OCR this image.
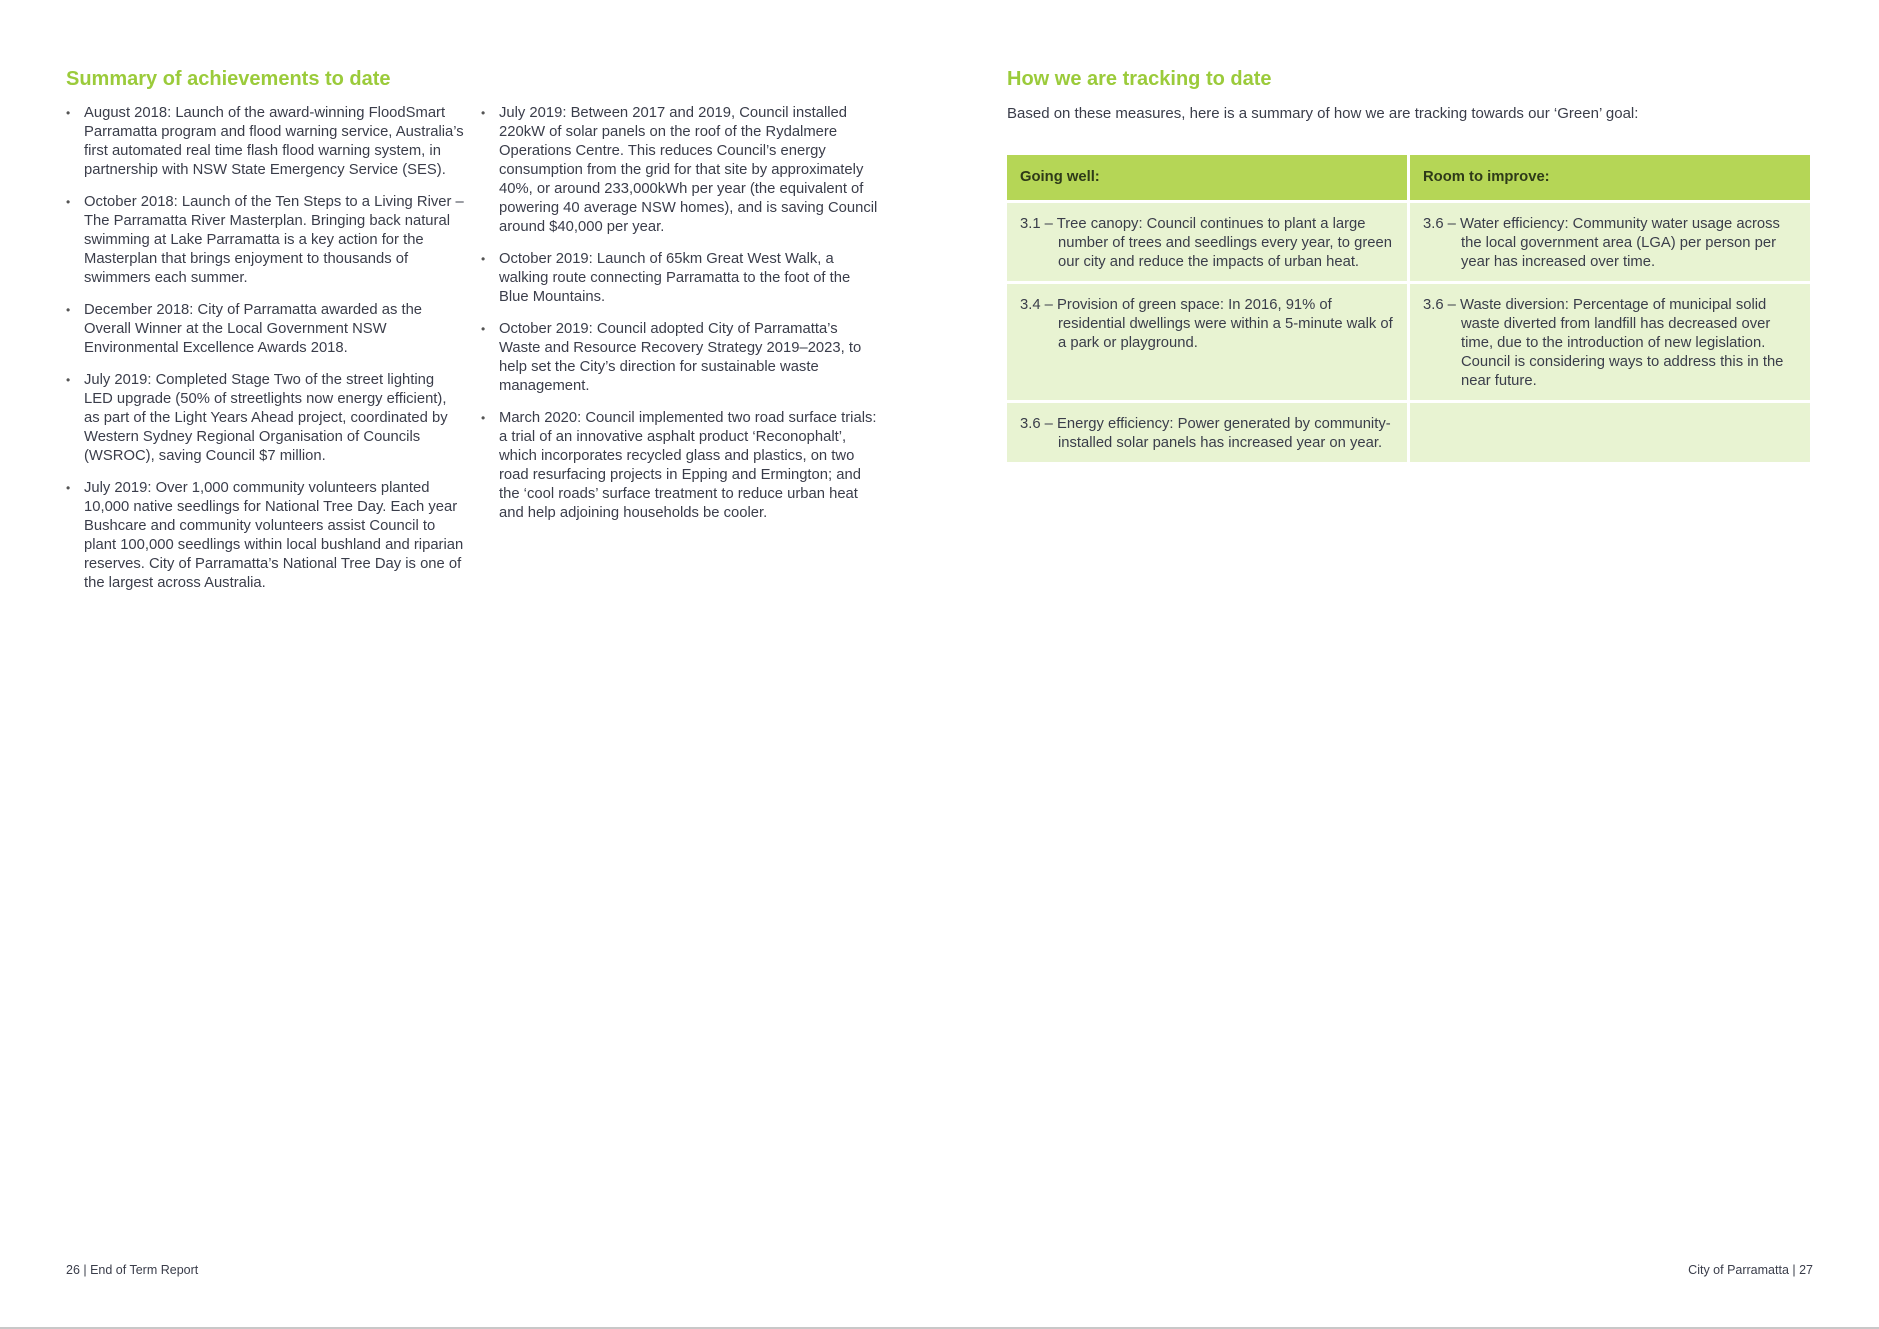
Summary of achievements to date
• August 2018: Launch of the award-winning FloodSmart Parramatta program and flood warning service, Australia’s first automated real time flash flood warning system, in partnership with NSW State Emergency Service (SES).
• October 2018: Launch of the Ten Steps to a Living River – The Parramatta River Masterplan. Bringing back natural swimming at Lake Parramatta is a key action for the Masterplan that brings enjoyment to thousands of swimmers each summer.
• December 2018: City of Parramatta awarded as the Overall Winner at the Local Government NSW Environmental Excellence Awards 2018.
• July 2019: Completed Stage Two of the street lighting LED upgrade (50% of streetlights now energy efficient), as part of the Light Years Ahead project, coordinated by Western Sydney Regional Organisation of Councils (WSROC), saving Council $7 million.
• July 2019: Over 1,000 community volunteers planted 10,000 native seedlings for National Tree Day. Each year Bushcare and community volunteers assist Council to plant 100,000 seedlings within local bushland and riparian reserves. City of Parramatta’s National Tree Day is one of the largest across Australia.
• July 2019: Between 2017 and 2019, Council installed 220kW of solar panels on the roof of the Rydalmere Operations Centre. This reduces Council’s energy consumption from the grid for that site by approximately 40%, or around 233,000kWh per year (the equivalent of powering 40 average NSW homes), and is saving Council around $40,000 per year.
• October 2019: Launch of 65km Great West Walk, a walking route connecting Parramatta to the foot of the Blue Mountains.
• October 2019: Council adopted City of Parramatta’s Waste and Resource Recovery Strategy 2019–2023, to help set the City’s direction for sustainable waste management.
• March 2020: Council implemented two road surface trials: a trial of an innovative asphalt product ‘Reconophalt’, which incorporates recycled glass and plastics, on two road resurfacing projects in Epping and Ermington; and the ‘cool roads’ surface treatment to reduce urban heat and help adjoining households be cooler.
How we are tracking to date

Based on these measures, here is a summary of how we are tracking towards our ‘Green’ goal:

Going well:	Room to improve:

3.1 – Tree canopy: Council continues to plant a large number of trees and seedlings every year, to green our city and reduce the impacts of urban heat.	3.6 – Water efficiency: Community water usage across the local government area (LGA) per person per year has increased over time.

3.4 – Provision of green space: In 2016, 91% of residential dwellings were within a 5-minute walk of a park or playground.	3.6 – Waste diversion: Percentage of municipal solid waste diverted from landfill has decreased over time, due to the introduction of new legislation. Council is considering ways to address this in the near future.

3.6 – Energy efficiency: Power generated by community-installed solar panels has increased year on year.	

26 | End of Term Report	City of Parramatta | 27
